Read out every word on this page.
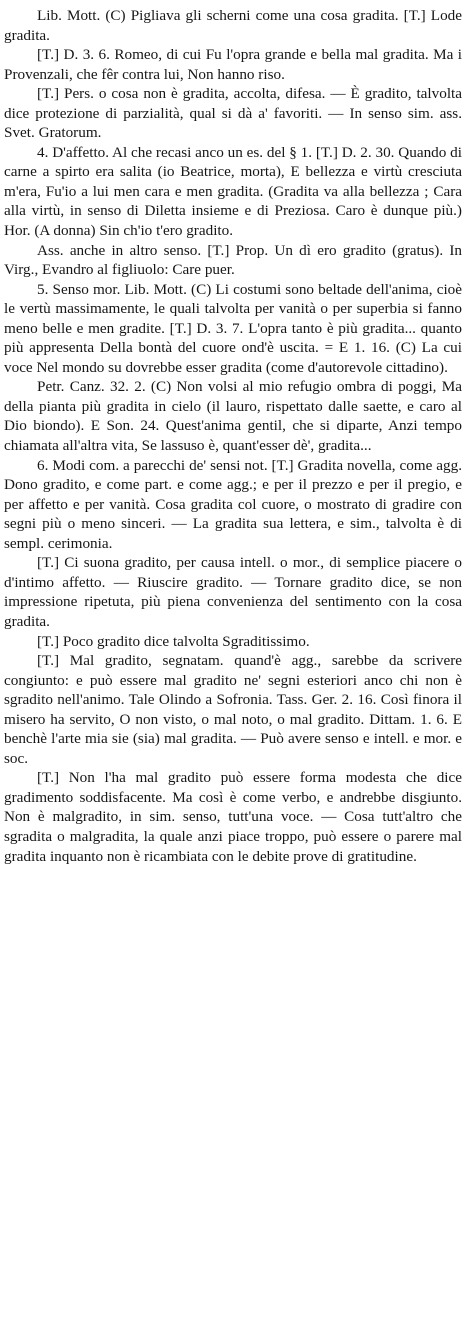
Lib. Mott. (C) Pigliava gli scherni come una cosa gradita. [T.] Lode gradita.

[T.] D. 3. 6. Romeo, di cui Fu l'opra grande e bella mal gradita. Ma i Provenzali, che fêr contra lui, Non hanno riso.

[T.] Pers. o cosa non è gradita, accolta, difesa. — È gradito, talvolta dice protezione di parzialità, qual si dà a' favoriti. — In senso sim. ass. Svet. Gratorum.

4. D'affetto. Al che recasi anco un es. del § 1. [T.] D. 2. 30. Quando di carne a spirto era salita (io Beatrice, morta), E bellezza e virtù cresciuta m'era, Fu'io a lui men cara e men gradita. (Gradita va alla bellezza ; Cara alla virtù, in senso di Diletta insieme e di Preziosa. Caro è dunque più.) Hor. (A donna) Sin ch'io t'ero gradito.

Ass. anche in altro senso. [T.] Prop. Un dì ero gradito (gratus). In Virg., Evandro al figliuolo: Care puer.

5. Senso mor. Lib. Mott. (C) Li costumi sono beltade dell'anima, cioè le vertù massimamente, le quali talvolta per vanità o per superbia si fanno meno belle e men gradite. [T.] D. 3. 7. L'opra tanto è più gradita... quanto più appresenta Della bontà del cuore ond'è uscita. = E 1. 16. (C) La cui voce Nel mondo su dovrebbe esser gradita (come d'autorevole cittadino).

Petr. Canz. 32. 2. (C) Non volsi al mio refugio ombra di poggi, Ma della pianta più gradita in cielo (il lauro, rispettato dalle saette, e caro al Dio biondo). E Son. 24. Quest'anima gentil, che si diparte, Anzi tempo chiamata all'altra vita, Se lassuso è, quant'esser dè', gradita...

6. Modi com. a parecchi de' sensi not. [T.] Gradita novella, come agg. Dono gradito, e come part. e come agg.; e per il prezzo e per il pregio, e per affetto e per vanità. Cosa gradita col cuore, o mostrato di gradire con segni più o meno sinceri. — La gradita sua lettera, e sim., talvolta è di sempl. cerimonia.

[T.] Ci suona gradito, per causa intell. o mor., di semplice piacere o d'intimo affetto. — Riuscire gradito. — Tornare gradito dice, se non impressione ripetuta, più piena convenienza del sentimento con la cosa gradita.

[T.] Poco gradito dice talvolta Sgraditissimo.

[T.] Mal gradito, segnatam. quand'è agg., sarebbe da scrivere congiunto: e può essere mal gradito ne' segni esteriori anco chi non è sgradito nell'animo. Tale Olindo a Sofronia. Tass. Ger. 2. 16. Così finora il misero ha servito, O non visto, o mal noto, o mal gradito. Dittam. 1. 6. E benchè l'arte mia sie (sia) mal gradita. — Può avere senso e intell. e mor. e soc.

[T.] Non l'ha mal gradito può essere forma modesta che dice gradimento soddisfacente. Ma così è come verbo, e andrebbe disgiunto. Non è malgradito, in sim. senso, tutt'una voce. — Cosa tutt'altro che sgradita o malgradita, la quale anzi piace troppo, può essere o parere mal gradita inquanto non è ricambiata con le debite prove di gratitudine.
